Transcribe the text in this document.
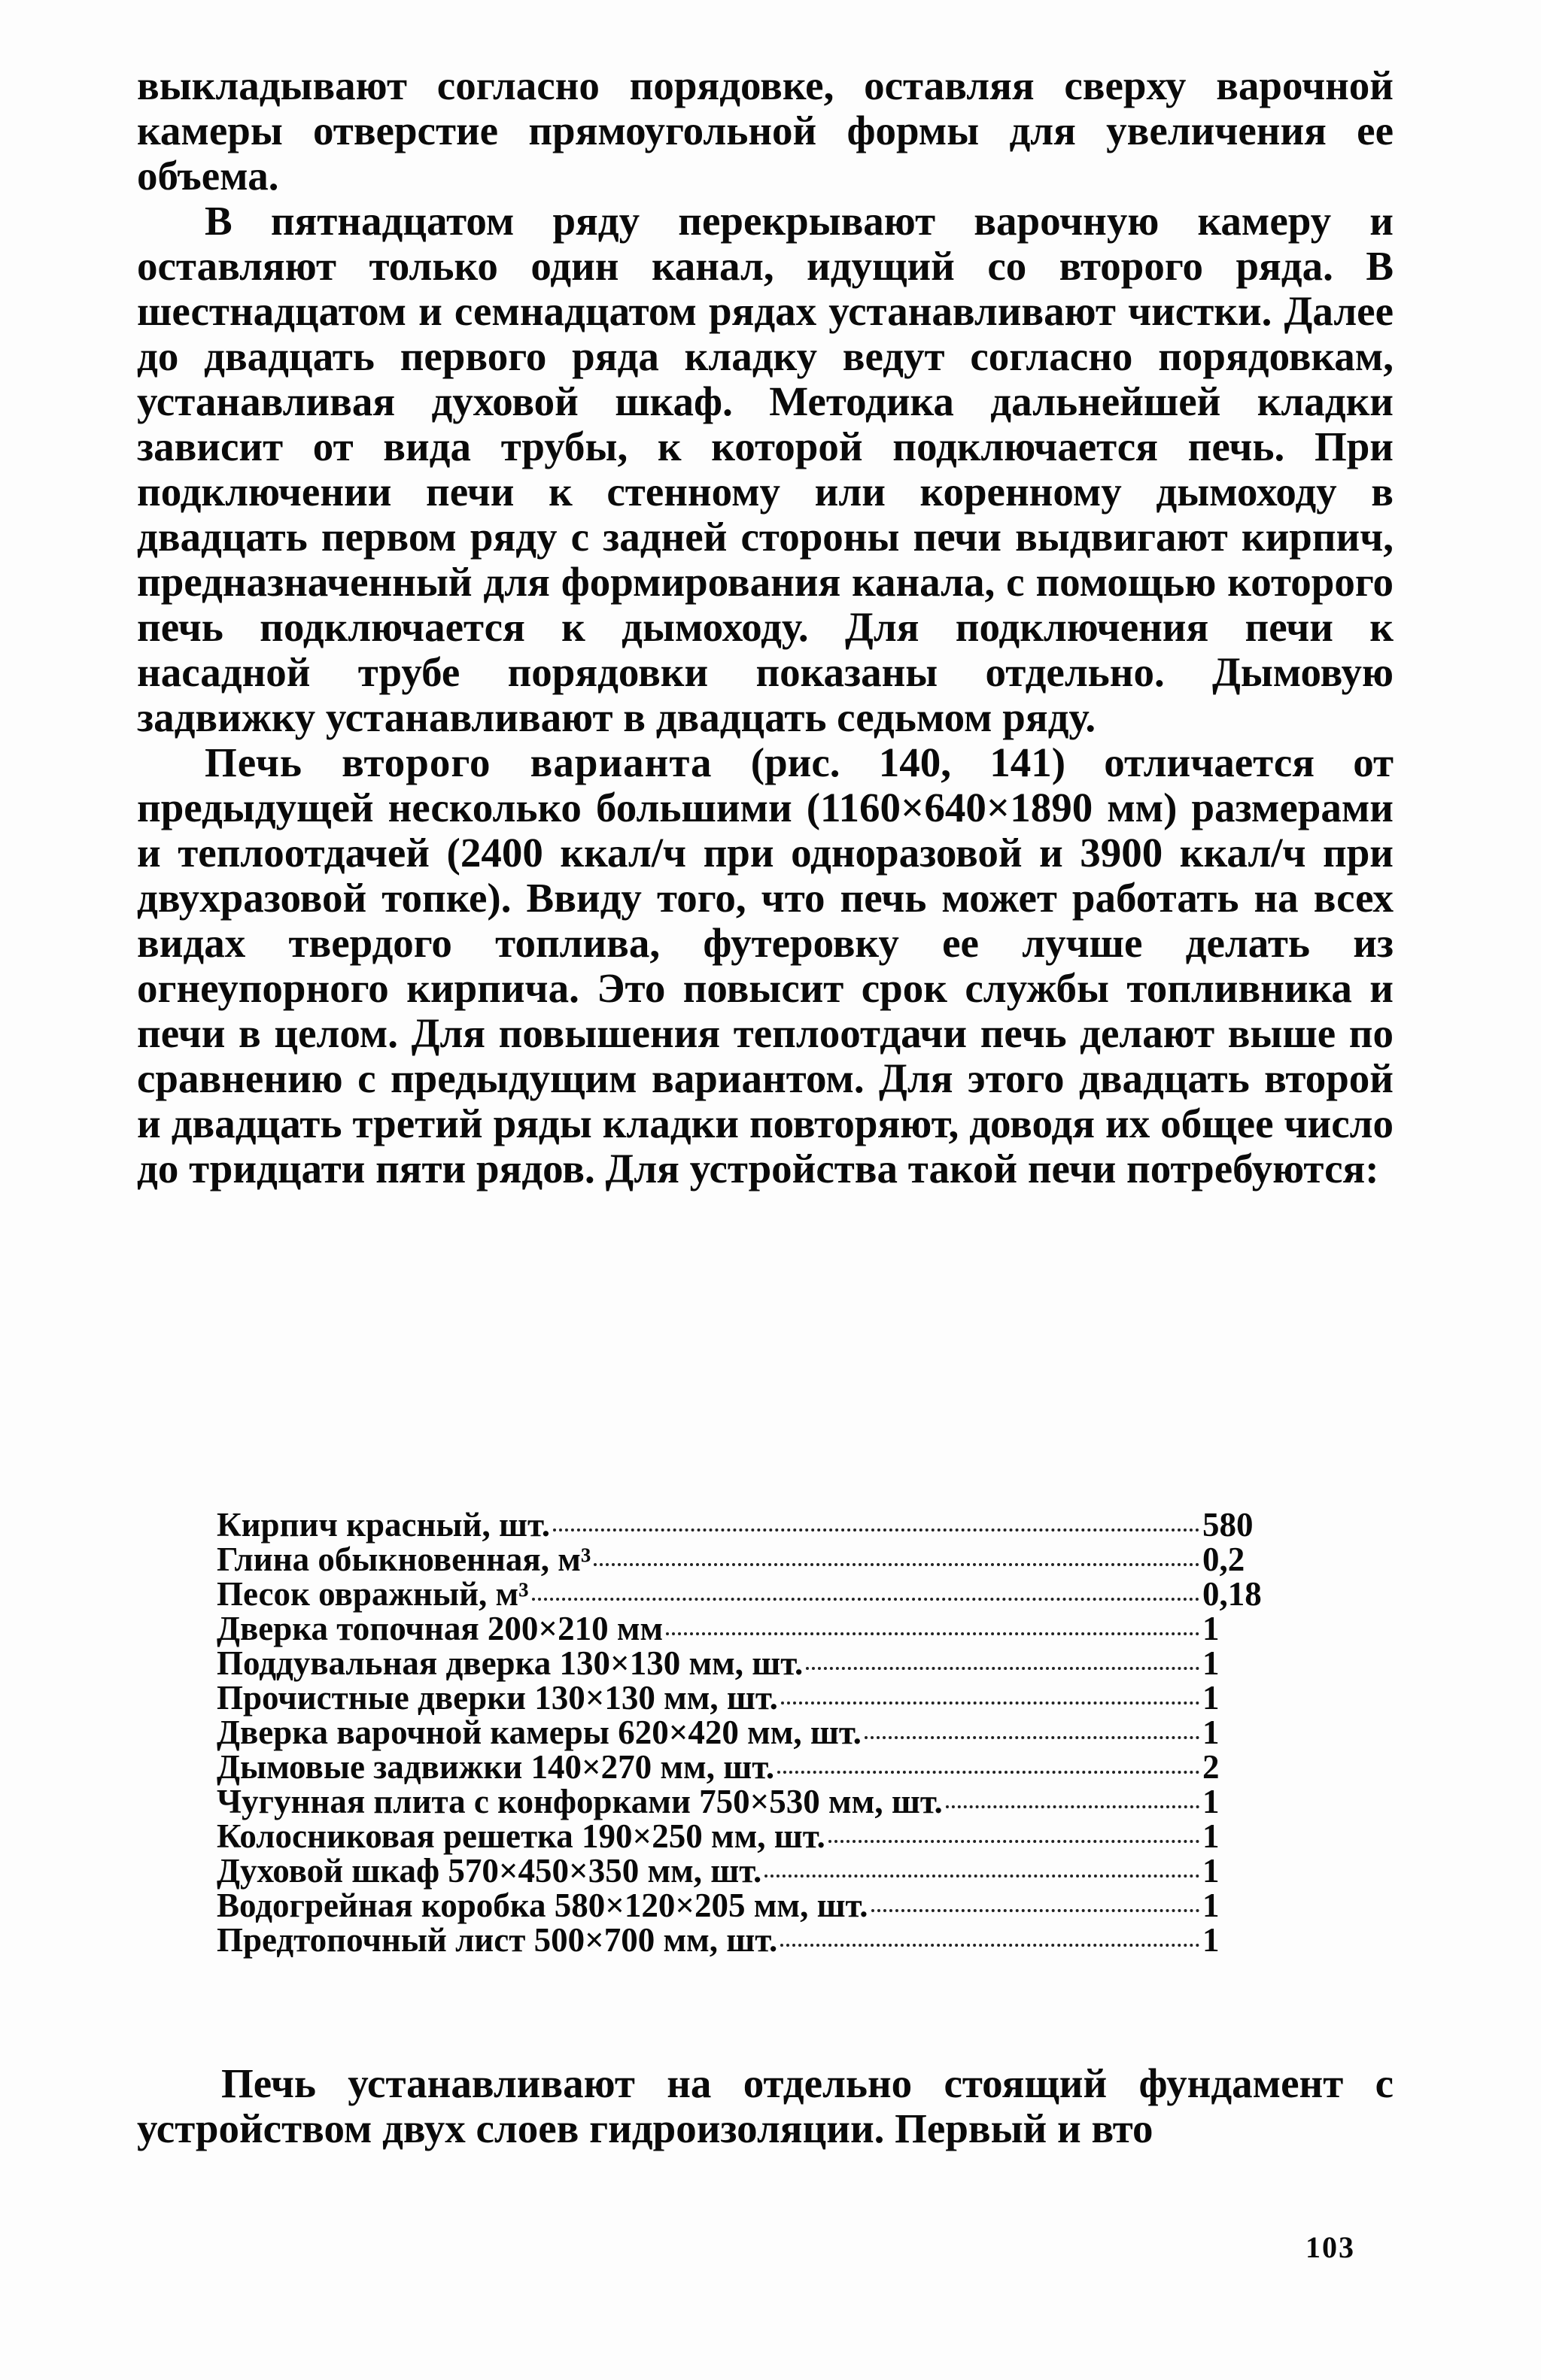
выкладывают согласно порядовке, оставляя сверху варочной камеры отверстие прямоугольной формы для увеличения ее объема.

В пятнадцатом ряду перекрывают варочную камеру и оставляют только один канал, идущий со второго ряда. В шестнадцатом и семнадцатом рядах устанавливают чистки. Далее до двадцать первого ряда кладку ведут согласно порядовкам, устанавливая духовой шкаф. Методика дальнейшей кладки зависит от вида трубы, к которой подключается печь. При подключении печи к стенному или коренному дымоходу в двадцать первом ряду с задней стороны печи выдвигают кирпич, предназначенный для формирования канала, с помощью которого печь подключается к дымоходу. Для подключения печи к насадной трубе порядовки показаны отдельно. Дымовую задвижку устанавливают в двадцать седьмом ряду.

Печь второго варианта (рис. 140, 141) отличается от предыдущей несколько большими (1160×640×1890 мм) размерами и теплоотдачей (2400 ккал/ч при одноразовой и 3900 ккал/ч при двухразовой топке). Ввиду того, что печь может работать на всех видах твердого топлива, футеровку ее лучше делать из огнеупорного кирпича. Это повысит срок службы топливника и печи в целом. Для повышения теплоотдачи печь делают выше по сравнению с предыдущим вариантом. Для этого двадцать второй и двадцать третий ряды кладки повторяют, доводя их общее число до тридцати пяти рядов. Для устройства такой печи потребуются:

Кирпич красный, шт.	580
Глина обыкновенная, м³	0,2
Песок овражный, м³	0,18
Дверка топочная 200×210 мм	1
Поддувальная дверка 130×130 мм, шт.	1
Прочистные дверки 130×130 мм, шт.	1
Дверка варочной камеры 620×420 мм, шт.	1
Дымовые задвижки 140×270 мм, шт.	2
Чугунная плита с конфорками 750×530 мм, шт.	1
Колосниковая решетка 190×250 мм, шт.	1
Духовой шкаф 570×450×350 мм, шт.	1
Водогрейная коробка 580×120×205 мм, шт.	1
Предтопочный лист 500×700 мм, шт.	1

Печь устанавливают на отдельно стоящий фундамент с устройством двух слоев гидроизоляции. Первый и вто

103
